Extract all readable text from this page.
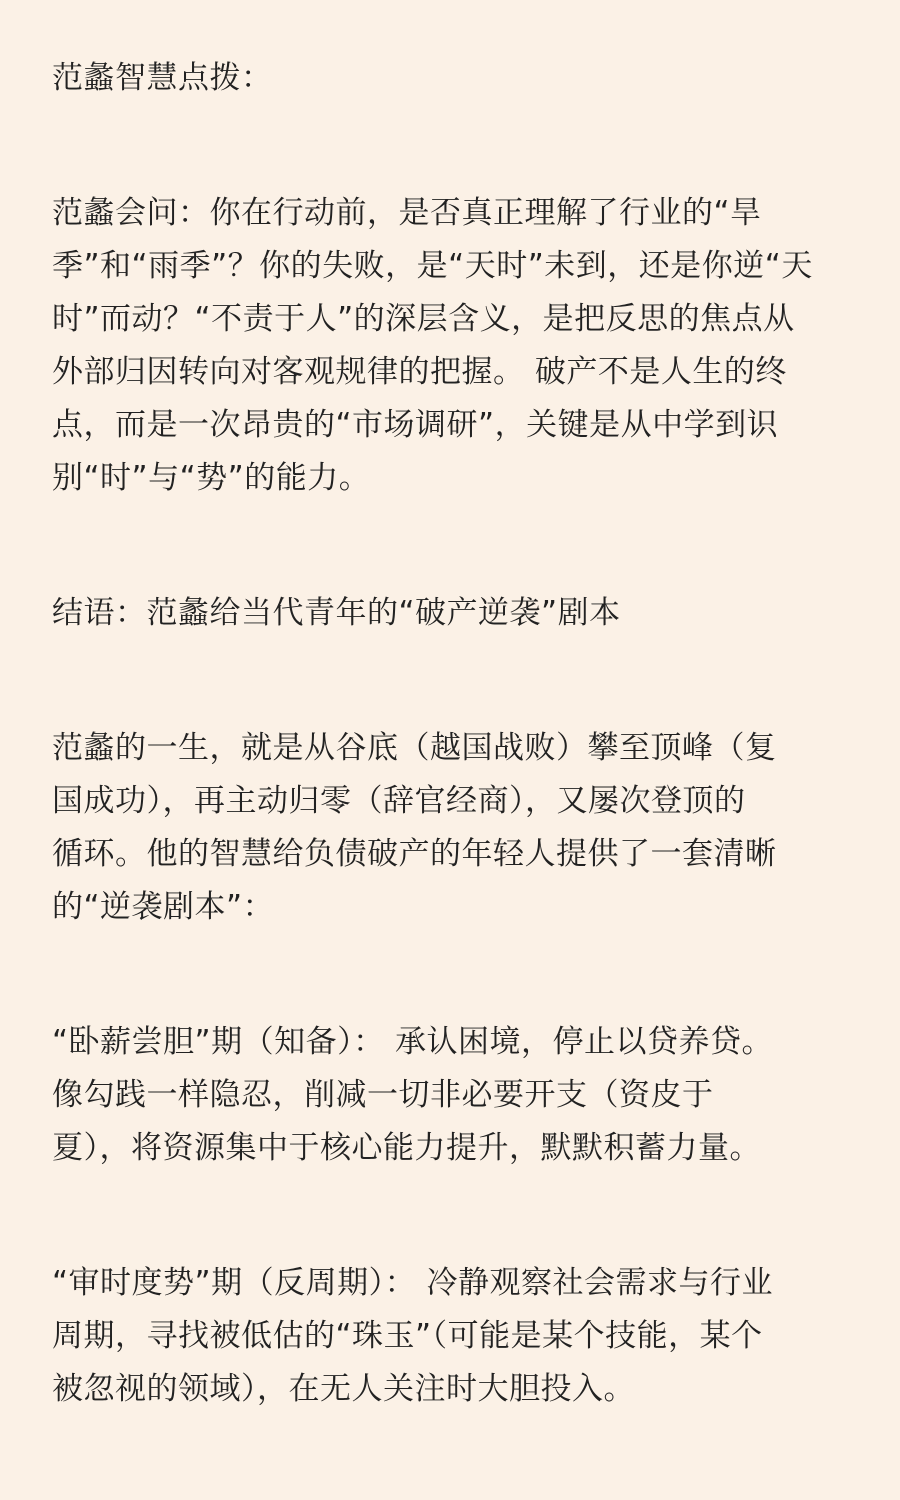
范蠡智慧点拨：

范蠡会问：你在行动前，是否真正理解了行业的“旱
季”和“雨季”？你的失败，是“天时”未到，还是你逆“天
时”而动？“不责于人”的深层含义，是把反思的焦点从
外部归因转向对客观规律的把握。 破产不是人生的终
点，而是一次昂贵的“市场调研”，关键是从中学到识
别“时”与“势”的能力。

结语：范蠡给当代青年的“破产逆袭”剧本

范蠡的一生，就是从谷底（越国战败）攀至顶峰（复
国成功），再主动归零（辞官经商），又屡次登顶的
循环。他的智慧给负债破产的年轻人提供了一套清晰
的“逆袭剧本”：

“卧薪尝胆”期（知备）： 承认困境，停止以贷养贷。
像勾践一样隐忍，削减一切非必要开支（资皮于
夏），将资源集中于核心能力提升，默默积蓄力量。

“审时度势”期（反周期）： 冷静观察社会需求与行业
周期，寻找被低估的“珠玉”（可能是某个技能，某个
被忽视的领域），在无人关注时大胆投入。
